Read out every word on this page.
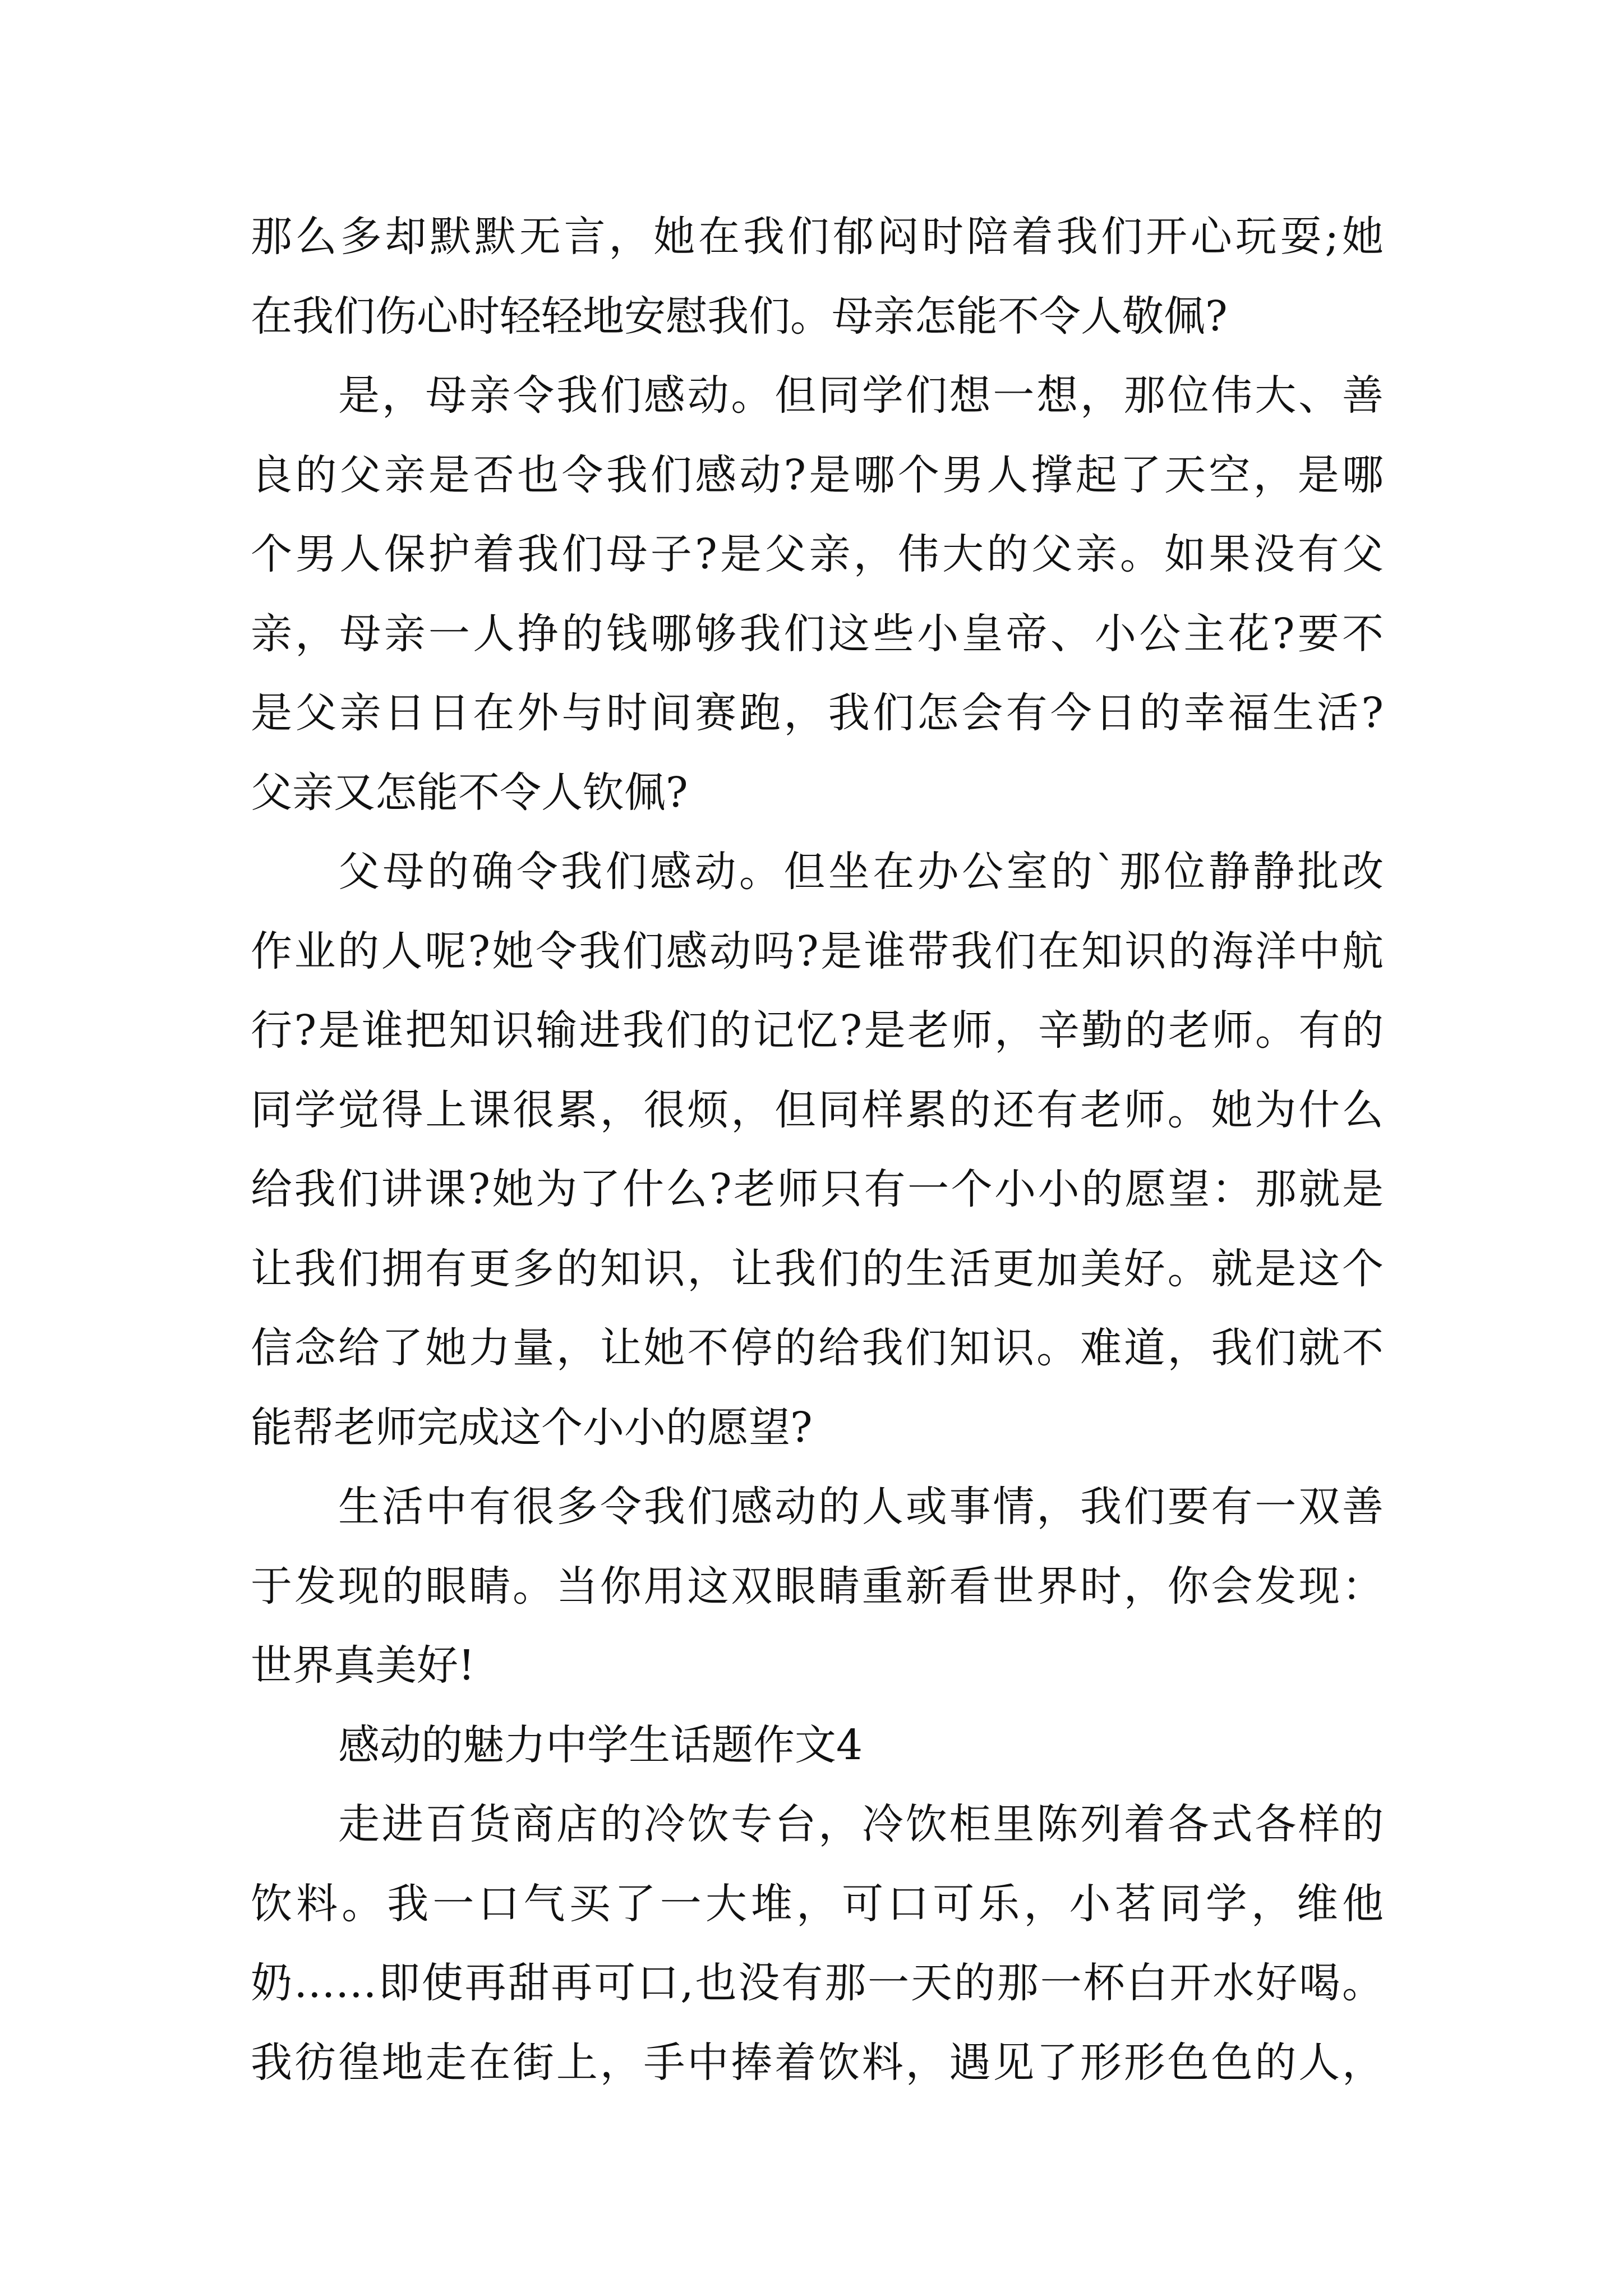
那么多却默默无言，她在我们郁闷时陪着我们开心玩耍;她
在我们伤心时轻轻地安慰我们。母亲怎能不令人敬佩?
是，母亲令我们感动。但同学们想一想，那位伟大、善
良的父亲是否也令我们感动?是哪个男人撑起了天空，是哪
个男人保护着我们母子?是父亲，伟大的父亲。如果没有父
亲，母亲一人挣的钱哪够我们这些小皇帝、小公主花?要不
是父亲日日在外与时间赛跑，我们怎会有今日的幸福生活?
父亲又怎能不令人钦佩?
父母的确令我们感动。但坐在办公室的`那位静静批改
作业的人呢?她令我们感动吗?是谁带我们在知识的海洋中航
行?是谁把知识输进我们的记忆?是老师，辛勤的老师。有的
同学觉得上课很累，很烦，但同样累的还有老师。她为什么
给我们讲课?她为了什么?老师只有一个小小的愿望：那就是
让我们拥有更多的知识，让我们的生活更加美好。就是这个
信念给了她力量，让她不停的给我们知识。难道，我们就不
能帮老师完成这个小小的愿望?
生活中有很多令我们感动的人或事情，我们要有一双善
于发现的眼睛。当你用这双眼睛重新看世界时，你会发现：
世界真美好!
感动的魅力中学生话题作文4
走进百货商店的冷饮专台，冷饮柜里陈列着各式各样的
饮料。我一口气买了一大堆，可口可乐，小茗同学，维他
奶……即使再甜再可口,也没有那一天的那一杯白开水好喝。
我彷徨地走在街上，手中捧着饮料，遇见了形形色色的人，
